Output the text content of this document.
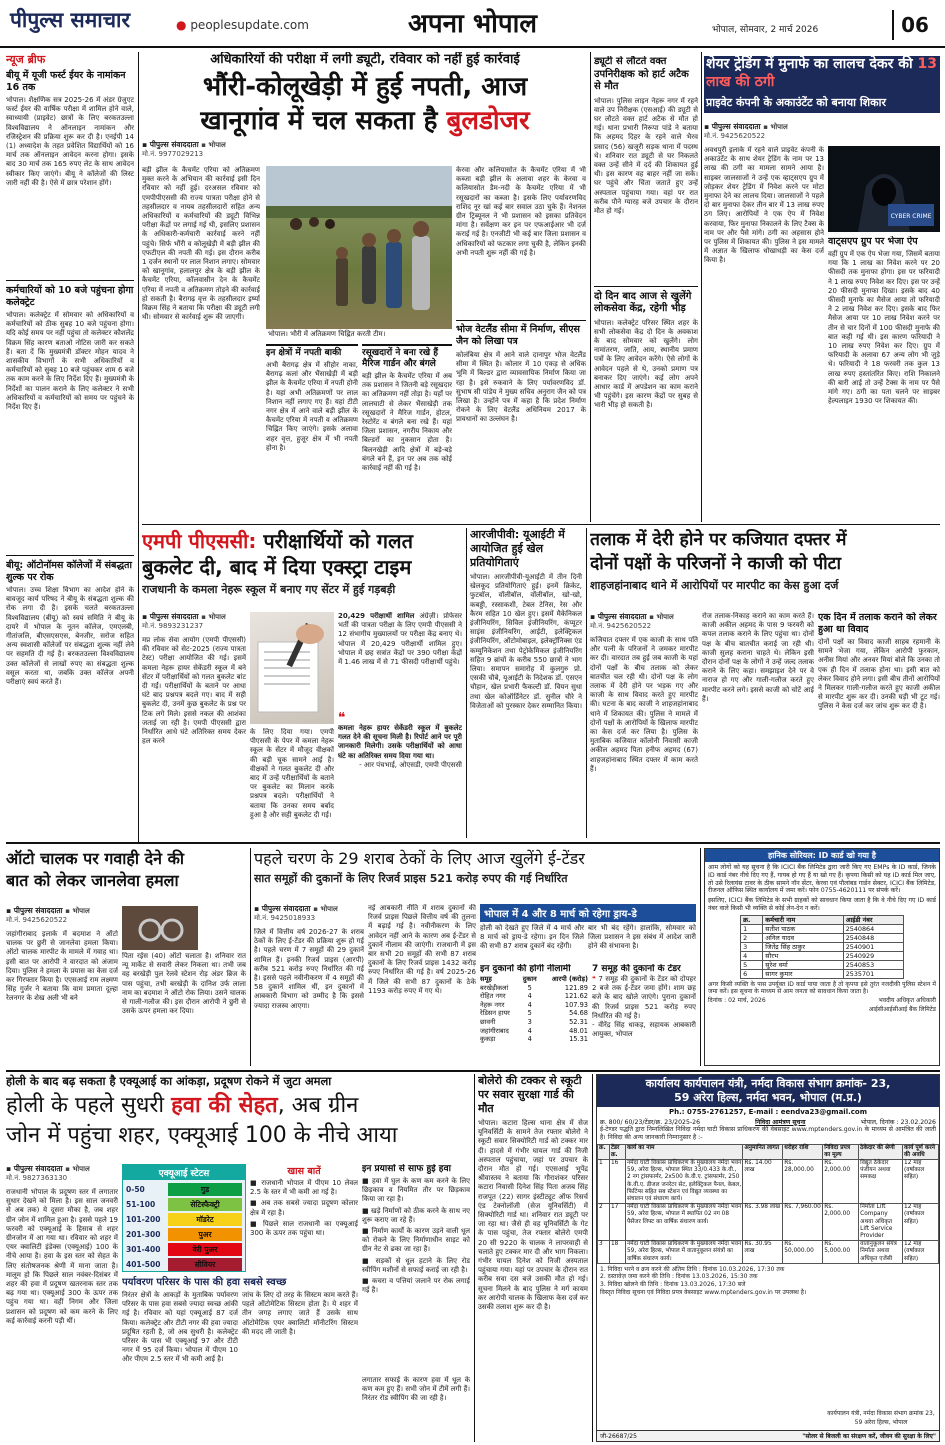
पीपुल्स समाचार	● peoplesupdate.com	अपना भोपाल	भोपाल, सोमवार, 2 मार्च 2026	06
न्यूज ब्रीफ
बीयू में यूजी फर्स्ट ईयर के नामांकन 16 तक
भोपाल। शैक्षणिक सत्र 2025-26 में अंडर ग्रेजुएट फर्स्ट ईयर की वार्षिक परीक्षा में शामिल होने वाले, स्वाध्यायी (प्राइवेट) छात्रों के लिए बरकतउल्ला विश्वविद्यालय ने ऑनलाइन नामांकन और रजिस्ट्रेशन की प्रक्रिया शुरू कर दी है। एनईपी 14 (1) अध्यादेश के तहत प्रवेशित विद्यार्थियों को 16 मार्च तक ऑनलाइन आवेदन करना होगा। इसके बाद 30 मार्च तक 165 रुपए लेट के साथ आवेदन स्वीकार किए जाएंगे। बीयू ने कॉलेजों की लिस्ट जारी नहीं की है। ऐसे में छात्र परेशान होंगे।
कर्मचारियों को 10 बजे पहुंचना होगा कलेक्ट्रेट
भोपाल। कलेक्ट्रेट में सोमवार को अधिकारियों व कर्मचारियों को ठीक सुबह 10 बजे पहुंचना होगा। यदि कोई समय पर नहीं पहुंचा तो कलेक्टर कौशलेंद्र विक्रम सिंह कारण बताओ नोटिस जारी कर सकते हैं। बता दें कि मुख्यमंत्री डॉक्टर मोहन यादव ने शासकीय विभागों के सभी अधिकारियों व कर्मचारियों को सुबह 10 बजे पहुंचकर शाम 6 बजे तक काम करने के लिए निर्देश दिए हैं। मुख्यमंत्री के निर्देशों का पालन कराने के लिए कलेक्टर ने सभी अधिकारियों व कर्मचारियों को समय पर पहुंचने के निर्देश दिए हैं।
बीयू: ऑटोनॉमस कॉलेजों में संबद्धता शुल्क पर रोक
भोपाल। उच्च शिक्षा विभाग का आदेश होने के बावजूद कार्य परिषद ने बीयू के संबद्धता शुल्क की रोक लगा दी है। इसके चलते बरकतउल्ला विश्वविद्यालय (बीयू) को स्वयं समिति ने बीयू के दायरे में भोपाल के नूतन कॉलेज, एमएलबी, गीतांजलि, बीएसएसएस, बेनजीर, सरोज सहित अन्य स्वशासी कॉलेजों पर संबद्धता शुल्क नहीं लेने पर सहमति दी गई है। बरकतउल्ला विश्वविद्यालय उक्त कॉलेजों से लाखों रुपए का संबद्धता शुल्क वसूल करता था, जबकि उक्त कॉलेज अपनी परीक्षाएं स्वयं करते हैं।
अधिकारियों की परीक्षा में लगी ड्यूटी, रविवार को नहीं हुई कार्रवाई
भौंरी-कोलूखेड़ी में हुई नपती, आज
खानूगांव में चल सकता है बुलडोजर
▪ पीपुल्स संवाददाता ▪ भोपाल
मो.नं. 9977029213
बड़ी झील के कैचमेंट एरिया को अतिक्रमण मुक्त करने के अभियान की कार्रवाई इसी दिन रविवार को नहीं हुई। दरअसल रविवार को एमपीपीएससी की राज्य पात्रता परीक्षा होने से तहसीलदार व नायब तहसीलदारों सहित अन्य अधिकारियों व कर्मचारियों की ड्यूटी विभिन्न परीक्षा केंद्रों पर लगाई गई थी, इसलिए प्रशासन के अधिकारी-कर्मचारी कार्रवाई करने नहीं पहुंचे। सिर्फ भौंरी व कोलूखेड़ी में बड़ी झील की एफटीएल की नपती की गई। इस दौरान करीब 1 दर्जन स्थानों पर लाल निशान लगाए। सोमवार को खानूगांव, हलालपुर क्षेत्र के बड़ी झील के कैचमेंट एरिया, कॉलवासीन देन के कैचमेंट एरिया में नपती व अतिक्रमण तोड़ने की कार्रवाई हो सकती है। बैरागढ़ वृत्त के तहसीलदार इर्ष्या विक्रम सिंह ने बताया कि परीक्षा की ड्यूटी लगी थी। सोमवार से कार्रवाई शुरू की जाएगी।
भोपाल। भौरी में अतिक्रमण चिह्नित करती टीम।
इन क्षेत्रों में नपती बाकी
अभी बैरागढ़ क्षेत्र में सीहोर नाका, बैरागढ़ कलां और भैंसाखेड़ी में बड़ी झील के कैचमेंट एरिया में नपती होनी है। यहां अभी अतिक्रमणों पर लाल निशान नहीं लगाए गए हैं। यहां टीटी नगर क्षेत्र में आने वाले बड़ी झील के कैचमेंट एरिया में नपती व अतिक्रमण चिह्नित किए जाएंगे। इसके अलावा शहर वृत्त, हुजूर क्षेत्र में भी नपती होना है।
रसूखदारों ने बना रखे हैं मैरिज गार्डन और बंगले
बड़ी झील के कैचमेंट एरिया में अब तक प्रशासन ने जितनी बड़े रसूखदार का अतिक्रमण नहीं तोड़ा है। यहाँ पर लालघाटी से लेकर भैंसाखेड़ी तक रसूखदारों ने मैरिज गार्डन, होटल, रेस्टोरेंट व बंगले बना रखे हैं। यहां जिला प्रशासन, नगरीय निकाय और बिल्डरों का नुकसान होता है। बिलनखेड़ी आदि क्षेत्रों में बड़े-बड़े बंगले बने हैं, इन पर अब तक कोई कार्रवाई नहीं की गई है।
केरवा और कलियासोत के कैचमेंट एरिया में भी कब्जा बड़ी झील के अलावा शहर के केरवा व कलियासोत डैम-नदी के कैचमेंट एरिया में भी रसूखदारों का कब्जा है। इसके लिए पर्यावरणविद राशिद नूर खां कई बार सवाल उठा चुके हैं। नेशनल ग्रीन ट्रिब्यूनल ने भी प्रशासन को इसका प्रतिवेदन मांगा है। सर्वेक्षण कर इन पर एफआईआर भी दर्ज कराई गई है। एनजीटी भी कई बार जिला प्रशासन व अधिकारियों को फटकार लगा चुकी है, लेकिन इनकी अभी नपती शुरू नहीं की गई है।
भोज वेटलैंड सीमा में निर्माण, सीएस जैन को लिखा पत्र
कोलंबिया क्षेत्र में आने वाले दानापुर भोज वेटलैंड सीमा में स्थित है। कोलार में 10 एकड़ से अधिक भूमि में बिल्डर द्वारा व्यावसायिक निर्माण किया जा रहा है। इसे रुकवाने के लिए पर्यावरणविद डॉ. सुभाष सी पांडेय ने मुख्य सचिव अनुराग जैन को पत्र लिखा है। उन्होंने पत्र में कहा है कि प्रदेश निर्माण रोकने के लिए वेटलैंड अधिनियम 2017 के प्रावधानों का उल्लंघन है।
ड्यूटी से लौटते वक्त उपनिरीक्षक को हार्ट अटैक से मौत
भोपाल। पुलिस लाइन नेहरू नगर में रहने वाले उप निरीक्षक (एसआई) की ड्यूटी से घर लौटते वक्त हार्ट अटैक से मौत हो गई। थाना प्रभारी निरूपा पांडे ने बताया कि अहमद दिहर के रहने वाले भैरव प्रसाद (56) खजूरी सड़क थाना में पदस्थ थे। शनिवार रात ड्यूटी से घर निकलते वक्त उन्हें सीने में दर्द की शिकायत हुई थी। इस कारण वह बाहर नहीं जा सके। घर पहुंचे और चिंता जताते हुए उन्हें अस्पताल पहुंचाया गया। वहां पर रात करीब पौने ग्यारह बजे उपचार के दौरान मौत हो गई।
दो दिन बाद आज से खुलेंगे लोकसेवा केंद्र, रहेगी भीड़
भोपाल। कलेक्ट्रेट परिसर स्थित शहर के सभी लोकसेवा केंद्र दो दिन के अवकाश के बाद सोमवार को खुलेंगे। लोग नामांतरण, जाति, आय, स्थानीय प्रमाण पत्रों के लिए आवेदन करेंगे। ऐसे लोगों के आवेदन पहले से थे, उनको प्रमाण पत्र बनाकर दिए जाएंगे। कई लोग अपने आधार कार्ड में अपडेशन का काम कराने भी पहुंचेंगे। इस कारण केंद्रों पर सुबह से भारी भीड़ हो सकती है।
शेयर ट्रेडिंग में मुनाफे का लालच देकर की 13 लाख की ठगी
प्राइवेट कंपनी के अकाउंटेंट को बनाया शिकार
▪ पीपुल्स संवाददाता ▪ भोपाल
मो.नं. 9425620522
अवधपुरी इलाके में रहने वाले प्राइवेट कंपनी के अकाउंटेंट के साथ शेयर ट्रेडिंग के नाम पर 13 लाख की ठगी का मामला सामने आया है। साइबर जालसाजों ने उन्हें एक व्हाट्सएप ग्रुप में जोड़कर शेयर ट्रेडिंग में निवेश करने पर मोटा मुनाफा देने का लालच दिया। जालसाजों ने पहले दो बार मुनाफा देकर तीन बार में 13 लाख रुपए ठग लिए। आरोपियों ने एक ऐप में निवेश करवाया, फिर मुनाफा निकालने के लिए टैक्स के नाम पर और पैसे मांगे। ठगी का अहसास होने पर पुलिस में शिकायत की। पुलिस ने इस मामले में अज्ञात के खिलाफ धोखाधड़ी का केस दर्ज किया है।
CYBER CRIME
वाट्सएप ग्रुप पर भेजा ऐप
वहीं ग्रुप में एक ऐप भेजा गया, जिसमें बताया गया कि 1 लाख का निवेश करने पर 20 फीसदी तक मुनाफा होगा। इस पर फरियादी ने 1 लाख रुपए निवेश कर दिए। इस पर उन्हें 20 फीसदी मुनाफा दिखा। इसके बाद 40 फीसदी मुनाफे का मैसेज आया तो फरियादी ने 2 लाख निवेश कर दिए। इसके बाद फिर मैसेज आया पर 10 लाख निवेश करने पर तीन से चार दिनों में 100 फीसदी मुनाफे की बात कही गई थी। इस कारण फरियादी ने 10 लाख रुपए निवेश कर दिए। ग्रुप में फरियादी के अलावा 67 अन्य लोग भी जुड़े थे। फरियादी ने 18 फरवरी तक कुल 13 लाख रुपए हस्तांतरित किए। राशि निकालने की बारी आई तो उन्हें टैक्स के नाम पर पैसे मांगे गए। ठगी का पता चलने पर साइबर हेल्पलाइन 1930 पर शिकायत की।
एमपी पीएससी: परीक्षार्थियों को गलत
बुकलेट दी, बाद में दिया एक्स्ट्रा टाइम
राजधानी के कमला नेहरू स्कूल में बनाए गए सेंटर में हुई गड़बड़ी
▪ पीपुल्स संवाददाता ▪ भोपाल
मो.नं. 9893231237
मप्र लोक सेवा आयोग (एमपी पीएससी) की रविवार को सेट-2025 (राज्य पात्रता टेस्ट) परीक्षा आयोजित की गई। इसमें कमला नेहरू हायर सेकेंडरी स्कूल में बने सेंटर में परीक्षार्थियों को गलत बुकलेट बांट दी गईं। परीक्षार्थियों के बताने पर आधा घंटे बाद प्रश्नपत्र बदले गए। बाद में सही बुकलेट दी, उनमें कुछ बुकलेट के प्रश्न पर टिक लगे मिले। इससे नकल की आशंका जताई जा रही है। एमपी पीएससी द्वारा निर्धारित आधे घंटे अतिरिक्त समय देकर हल करने
के लिए दिया गया। एमपी पीएससी के पेपर में कमला नेहरू स्कूल के सेंटर में मौजूद वीक्षकों की बड़ी चूक सामने आई है। वीक्षकों ने गलत बुकलेट दी और बाद में उन्हें परीक्षार्थियों के बताने पर बुकलेट का मिलान करके प्रश्नपत्र बदले। परीक्षार्थियों ने बताया कि उनका समय बर्बाद हुआ है और सही बुकलेट दी गई।
20,429 परीक्षार्थी शामिल अंग्रेज़ी। प्रोफेसर भर्ती की पात्रता परीक्षा के लिए एमपी पीएससी ने 12 संभागीय मुख्यालयों पर परीक्षा केंद्र बनाए थे। भोपाल में 20,429 परीक्षार्थी शामिल हुए। भोपाल में छह सत्रांत केंद्रों पर 390 परीक्षा केंद्रों में 1.46 लाख में से 71 फीसदी परीक्षार्थी पहुंचे।
❝
कमला नेहरू हायर सेकेंडरी स्कूल में बुकलेट गलत देने की सूचना मिली है। रिपोर्ट आने पर पूरी जानकारी मिलेगी। उसके परीक्षार्थियों को आधा घंटे का अतिरिक्त समय दिया गया था।
- आर पंचभाई, ओएसडी, एमपी पीएससी
आरजीपीवी: यूआईटी में आयोजित हुई खेल प्रतियोगिताएं
भोपाल। आरजीपीवी-यूआईटी में तीन दिनी खेलकूद प्रतियोगिताएं हुई। इनमें क्रिकेट, फुटबॉल, वॉलीबॉल, वॉलीबॉल, खो-खो, कबड्डी, रस्साकशी, टेबल टेनिस, रेस और कैरम सहित 10 खेल हुए। इसमें मैकेनिकल इंजीनियरिंग, सिविल इंजीनियरिंग, कंप्यूटर साइंस इंजीनियरिंग, आईटी, इलेक्ट्रिकल इंजीनियरिंग, ऑटोमोबाइल, इलेक्ट्रॉनिक्स एंड कम्युनिकेशन तथा पेट्रोकेमिकल इंजीनियरिंग सहित 9 ब्रांचों के करीब 550 छात्रों ने भाग लिया। समापन समारोह में कुलगुरु प्रो. एसकी चौबे, यूआईटी के निदेशक डॉ. एसएन चौहान, खेल प्रभारी फैकल्टी डॉ. वियन सुधा तथा खेल कोऑर्डिनेटर डॉ. सुनील चौरे ने विजेताओं को पुरस्कार देकर सम्मानित किया।
तलाक में देरी होने पर कजियात दफ्तर में
दोनों पक्षों के परिजनों ने काजी को पीटा
शाहजहांनाबाद थाने में आरोपियों पर मारपीट का केस हुआ दर्ज
▪ पीपुल्स संवाददाता ▪ भोपाल
मो.नं. 9425620522
कजियात दफ्तर में एक काजी के साथ पति और पत्नी के परिजनों ने जमकर मारपीट कर दी। वारदात तब हुई जब काजी के यहां दोनों पक्षों के बीच तलाक को लेकर बातचीत चल रही थी। दोनों पक्ष के लोग तलाक में देरी होने पर भड़क गए और काजी के साथ विवाद करते हुए मारपीट की। घटना के बाद काजी ने शाहजहांनाबाद थाने में शिकायत की। पुलिस ने मामले में दोनों पक्षों के आरोपियों के खिलाफ मारपीट का केस दर्ज कर लिया है। पुलिस के मुताबिक कजियात कॉलोनी निवासी काजी अकील अहमद पिता हनीफ अहमद (67) शाहजहांनाबाद स्थित दफ्तर में काम करते हैं।
रोज तलाक-निकाह कराने का काम करते हैं। काजी अकील अहमद के पास 9 फरवरी को कपल तलाक कराने के लिए पहुंचा था। दोनों पक्ष के बीच बातचीत कराई जा रही थी। काजी सुलह कराना चाहते थे। लेकिन इसी दौरान दोनों पक्ष के लोगों ने उन्हें जल्द तलाक कराने के लिए कहा। समझाइश देने पर वे नाराज हो गए और गाली-गलौज करते हुए मारपीट करने लगे। इससे काजी को चोटें आई हैं।
एक दिन में तलाक कराने को लेकर हुआ था विवाद
दोनों पक्षों का विवाद काजी साहब रहमानी के सामने भेजा गया, लेकिन आरोपी फुरकान, अनीस मियां और अनवर मियां बोले कि उनका तो एक ही दिन में तलाक होना था। इसी बात को लेकर विवाद होने लगा। इसी बीच तीनों आरोपियों ने मिलकर गाली-गलौज करते हुए काजी अकील से मारपीट शुरू कर दी। उनकी घड़ी भी टूट गई। पुलिस ने केस दर्ज कर जांच शुरू कर दी है।
ऑटो चालक पर गवाही देने की
बात को लेकर जानलेवा हमला
▪ पीपुल्स संवाददाता ▪ भोपाल
मो.नं. 9425620522
जहांगीराबाद इलाके में बदमाश ने ऑटो चालक पर छुरी से जानलेवा हमला किया। ऑटो चालक मारपीट के मामले में गवाह था। इसी बात पर आरोपी ने वारदात को अंजाम दिया। पुलिस ने हमला के प्रयास का केस दर्ज कर गिरफ्तार किया है। एएसआई राम लक्ष्मण सिंह गुर्जर ने बताया कि वाम प्रमाता दूल्हा रेलनगर के शेख अली भी बने
पिता रईस (40) ऑटो चलाता है। शनिवार रात न्यू मार्केट से सवारी लेकर निकला था। तभी जब वह बरखेड़ी पुल रेलवे स्टेशन रोड़ अंडर ब्रिज के पास पहुंचा, तभी बरखेड़ी के दानिश उर्फ लाला नाम का बदमाश ने ऑटो रोक लिया। उसने चालक से गाली-गलौज की। इस दौरान आरोपी ने छुरी से उसके ऊपर हमला कर दिया।
पहले चरण के 29 शराब ठेकों के लिए आज खुलेंगे ई-टेंडर
सात समूहों की दुकानों के लिए रिजर्व प्राइस 521 करोड़ रुपए की गई निर्धारित
▪ पीपुल्स संवाददाता ▪ भोपाल
मो.नं. 9425018933
जिले में वित्तीय वर्ष 2026-27 के शराब ठेकों के लिए ई-टेंडर की प्रक्रिया शुरू हो गई है। पहले चरण में 7 समूहों की 29 दुकानें शामिल हैं। इनकी रिजर्व प्राइस (आरपी) करीब 521 करोड़ रुपए निर्धारित की गई है। इससे पहले नवीनीकरण में 4 समूहों की 58 दुकानें शामिल थीं, इन दुकानों में आबकारी विभाग को उम्मीद है कि इससे ज्यादा राजस्व आएगा।
नई आबकारी नीति में शराब दुकानों की रिजर्व प्राइस पिछले वित्तीय वर्ष की तुलना में बढ़ाई गई है। नवीनीकरण के लिए आवेदन नहीं आने के कारण अब ई-टेंडर से दुकानें नीलाम की जाएंगी। राजधानी में इस बार सभी 20 समूहों की सभी 87 शराब दुकानों के लिए रिजर्व प्राइस 1432 करोड़ रुपए निर्धारित की गई है। वर्ष 2025-26 में जिले की सभी 87 दुकानों के ठेके 1193 करोड़ रुपए में गए थे।
भोपाल में 4 और 8 मार्च को रहेगा ड्राय-डे
होली को देखते हुए जिले में 4 मार्च और 8 मार्च को ड्राय-डे रहेगा। इन दिन जिले की सभी 87 शराब दुकानें बंद रहेंगी।
बार भी बंद रहेंगे। हालांकि, सोमवार को जिला प्रशासन ने इस संबंध में आदेश जारी होने की संभावना है।
इन दुकानों की होगी नीलामी
समूह	दुकान	आरपी (करोड़)
बरखेड़ीकलां	5	121.89
रोहित नगर	4	121.62
नेहरू नगर	4	107.93
रेडिसन हायर	5	54.68
छावनी	3	52.31
जहांगीराबाद	4	48.01
कुकड़ा	4	15.31
7 समूह की दुकानों के टेंडर
❝ 7 समूह की दुकानों के टेंडर को दोपहर 2 बजे तक ई-टेंडर जमा होंगे। शाम छह बजे के बाद खोले जाएंगे। पुराना दुकानों की रिजर्व प्राइस 521 करोड़ रुपए निर्धारित की गई है।
- वीरेंद्र सिंह धाकड़, सहायक आबकारी आयुक्त, भोपाल
हानिक सोरियल: ID कार्ड खो गया है
आम लोगों को यह सूचना है कि ICICI बैंक लिमिटेड द्वारा जारी किए गए EMPs के ID कार्ड, जिनके ID कार्ड नंबर नीचे दिए गए हैं, गायब हो गए हैं या खो गए हैं। कृपया किसी को यह ID कार्ड मिल जाए, तो उसे रिलायंस टावर के ठीक सामने नॉन सेंटर, केरवा एवं पौलांबड गार्डन सेक्टर, ICICI बैंक लिमिटेड, रीजनल ऑफिस स्थित कार्यालय में जमा करें। फोन 0755-4620111 पर संपर्क करें।
इसलिए, ICICI बैंक लिमिटेड के सभी ग्राहकों को सावधान किया जाता है कि वे नीचे दिए गए ID कार्ड नंबर वाले किसी भी व्यक्ति से कोई लेन-देन न करें।
क्र.	कर्मचारी नाम	आईडी नंबर
1	सतीश पाठक	2540864
2	अनिल यादव	2540848
3	जितेंद्र सिंह ठाकुर	2540901
4	सौरभ	2540929
5	सुरेश वर्मा	2540853
6	सागर कुमार	2535701
अगर किसी व्यक्ति के पास उपर्युक्त ID कार्ड पाया जाता है तो कृपया इसे तुरंत नजदीकी पुलिस स्टेशन में जमा करें। इस सूचना के माध्यम से आम जनता को सावधान किया जाता है।
दिनांक : 02 मार्च, 2026	भवदीय अधिकृत अधिकारी
आईसीआईसीआई बैंक लिमिटेड
होली के बाद बढ़ सकता है एक्यूआई का आंकड़ा, प्रदूषण रोकने में जुटा अमला
होली के पहले सुधरी हवा की सेहत, अब ग्रीन
जोन में पहुंचा शहर, एक्यूआई 100 के नीचे आया
▪ पीपुल्स संवाददाता ▪ भोपाल
मो.नं. 9827363130
राजधानी भोपाल के प्रदूषण स्तर में लगातार सुधार देखने को मिला है। इस साल जनवरी से अब तक) ये दूसरा मौका है, जब शहर ग्रीन जोन में शामिल हुआ है। इससे पहले 19 फरवरी को एक्यूआई के हिसाब से शहर ग्रीनजोन में आ गया था। रविवार को शहर में एयर क्वालिटी इंडेक्स (एक्यूआई) 100 के नीचे आया है। हवा के इस स्तर को सेहत के लिए संतोषजनक श्रेणी में माना जाता है। मालूम हो कि पिछले साल नवंबर-दिसंबर में शहर की हवा में प्रदूषण खतरनाक स्तर तक बढ़ गया था। एक्यूआई 300 के ऊपर तक पहुंच गया था। वहीं निगम और जिला प्रशासन को प्रदूषण को कम करने के लिए कई कार्रवाई करनी पड़ी थीं।
एक्यूआई स्टेटस
0-50	गुड
51-100	सेटिस्फैक्ट्री
101-200	मॉडरेट
201-300	पुअर
301-400	वेरी पुअर
401-500	सीवियर
खास बातें
■ राजधानी भोपाल में पीएम 10 लेवल 2.5 के स्तर में भी कमी आ गई है।
■ अब तक सबसे ज्यादा प्रदूषण कोलार क्षेत्र में रहा है।
■ पिछले साल राजधानी का एक्यूआई 300 के ऊपर तक पहुंचा था।
इन प्रयासों से साफ हुई हवा
■ हवा में घुल के कण कम करने के लिए छिड़काव व नियमित तौर पर छिड़काव किया जा रहा है।
■ खड़े निर्माणों को ठीक करने के साथ नए शुरू कराए जा रहे हैं।
■ निर्माण कार्यों के कारण उड़ने वाली धूल को रोकने के लिए निर्माणाधीन साइट को ग्रीन नेट से ढका जा रहा है।
■ सड़कों से धूल हटाने के लिए रोड स्वीपिंग मशीनों से सफाई कराई जा रही है।
■ कचरा व पत्तियां जलाने पर रोक लगाई गई है।
पर्यावरण परिसर के पास की हवा सबसे स्वच्छ
निरंतर क्षेत्रों के आकड़ों के मुताबिक पर्यावरण परिसर के पास हवा सबसे ज्यादा स्वच्छ आंकी गई है। रविवार को यहां एक्यूआई 87 दर्ज किया। कलेक्ट्रेट और टीटी नगर की हवा ज्यादा प्रदूषित रहती है, जो अब सुधरी है। कलेक्ट्रेट परिसर के पास भी एक्यूआई 97 और टीटी नगर में 95 दर्ज किया। भोपाल में पीएम 10 और पीएम 2.5 स्तर में भी कमी आई है।
जांच के लिए दो तरह के सिस्टम काम करते हैं। पहले ऑटोमेटिक सिस्टम होता है। ये शहर में तीन जगह लगाए जाते हैं उसके साथ ऑटोमेटिक एयर क्वालिटी मॉनीटरिंग सिस्टम की मदद ली जाती है।
लगातार सफाई के कारण हवा में धूल के कण कम हुए हैं। सभी जोन में टीमें लगी हैं। निरंतर रोड स्वीपिंग की जा रही है।
बोलेरो की टक्कर से स्कूटी पर सवार सुरक्षा गार्ड की मौत
भोपाल। कटारा हिल्स थाना क्षेत्र में सेज यूनिवर्सिटी के सामने तेज रफ्तार बोलेरो ने स्कूटी सवार सिक्योरिटी गार्ड को टक्कर मार दी। हादसे में गंभीर घायल गार्ड की निजी अस्पताल पहुंचाया, जहां पर उपचार के दौरान मौत हो गई। एएसआई भूपेंद्र श्रीवास्तव ने बताया कि गौराशंकर परिसर कटारा निवासी दिनेश सिंह पिता अजब सिंह राजपूत (22) सागर इंस्टीट्यूट ऑफ रिसर्च एंड टेक्नोलॉजी (सेज यूनिवर्सिटी) में सिक्योरिटी गार्ड था। शनिवार रात ड्यूटी पर जा रहा था। जैसे ही वह यूनिवर्सिटी के गेट के पास पहुंचा, तेज रफ्तार बोलेरो एमपी 20 सी 9220 के चालक ने लापरवाही से चलाते हुए टक्कर मार दी और भाग निकला। गंभीर घायल दिनेश को निजी अस्पताल पहुंचाया गया। यहां पर उपचार के दौरान रात करीब सवा दस बजे उसकी मौत हो गई। सूचना मिलने के बाद पुलिस ने मर्ग कायम कर आरोपी चालक के खिलाफ केस दर्ज कर उसकी तलाश शुरू कर दी है।
कार्यालय कार्यपालन यंत्री, नर्मदा विकास संभाग क्रमांक- 23,
59 अरेरा हिल्स, नर्मदा भवन, भोपाल (म.प्र.)
Ph.: 0755-2761257, E-mail : eendva23@gmail.com
क्र. 800/ 60/23/टेंडर/क्र. 23/2025-26	निविदा आमंत्रण सूचना	भोपाल, दिनांक : 23.02.2026
ई-टेण्डर पद्धति द्वारा निम्नलिखित निविदा नर्मदा घाटी विकास प्राधिकरण की वेबसाइट www.mptenders.gov.in के माध्यम से आमंत्रित की जाती है। निविदा की अन्य जानकारी निम्नानुसार है :-
क्र.	टेंडर क्र.	कार्य का नाम	अनुमानित लागत	धरोहर राशि	निविदा प्रपत्र का मूल्य	ठेकेदार की श्रेणी	कार्य पूर्ण करने की अवधि
1	16	नर्मदा घाटी विकास प्राधिकरण के मुख्यालय नर्मदा भवन 59, अरेरा हिल्स, भोपाल स्थित 33/0.433 के.वी., 2 नग ट्रांसफार्मर, 2x500 के.वी.ए. ट्रांसफार्मर, 250 के.वी.ए. डीजल जनरेटर सेट, इलेक्ट्रिकल पैनल, केबल, फिटिंग्स सहित सब स्टेशन एवं विद्युत व्यवस्था का संचालन एवं संधारण कार्य।	Rs. 14.00 लाख	Rs. 28,000.00	Rs. 2,000.00	विद्युत ठेकेदार पंजीयन अथवा समकक्ष	12 माह (वर्षाकाल सहित)
2	17	नर्मदा घाटी विकास प्राधिकरण के मुख्यालय नर्मदा भवन 59, अरेरा हिल्स, भोपाल में स्थापित 02 नग 08 पैसेंजर लिफ्ट का वार्षिक संधारण कार्य।	Rs. 3.98 लाख	Rs. 7,960.00	Rs. 2,000.00	निर्माता Lift Company अथवा अधिकृत Lift Service Provider	12 माह (वर्षाकाल सहित)
3	18	नर्मदा घाटी विकास प्राधिकरण के मुख्यालय नर्मदा भवन 59, अरेरा हिल्स, भोपाल में वातानुकूलन संयंत्रों का वार्षिक संधारण कार्य।	Rs. 30.95 लाख	Rs. 50,000.00	Rs. 5,000.00	वातानुकूलन संयंत्र निर्माता अथवा अधिकृत एजेंसी	12 माह (वर्षाकाल सहित)
1. निविदा भरने व क्रय करने की अंतिम तिथि : दिनांक 10.03.2026, 17:30 तक
2. दस्तावेज़ जमा करने की तिथि : दिनांक 13.03.2026, 15:30 तक
3. निविदा खोलने की तिथि : दिनांक 13.03.2026, 17:30 बजे
विस्तृत निविदा सूचना एवं निविदा प्रपत्र वेबसाइट www.mptenders.gov.in पर उपलब्ध है।
जी-26687/25	"सोलर से बिजली का संरक्षण करें, जीवन की सुरक्षा के लिए"
कार्यपालन यंत्री, नर्मदा विकास संभाग क्रमांक 23, 59 अरेरा हिल्स, भोपाल
